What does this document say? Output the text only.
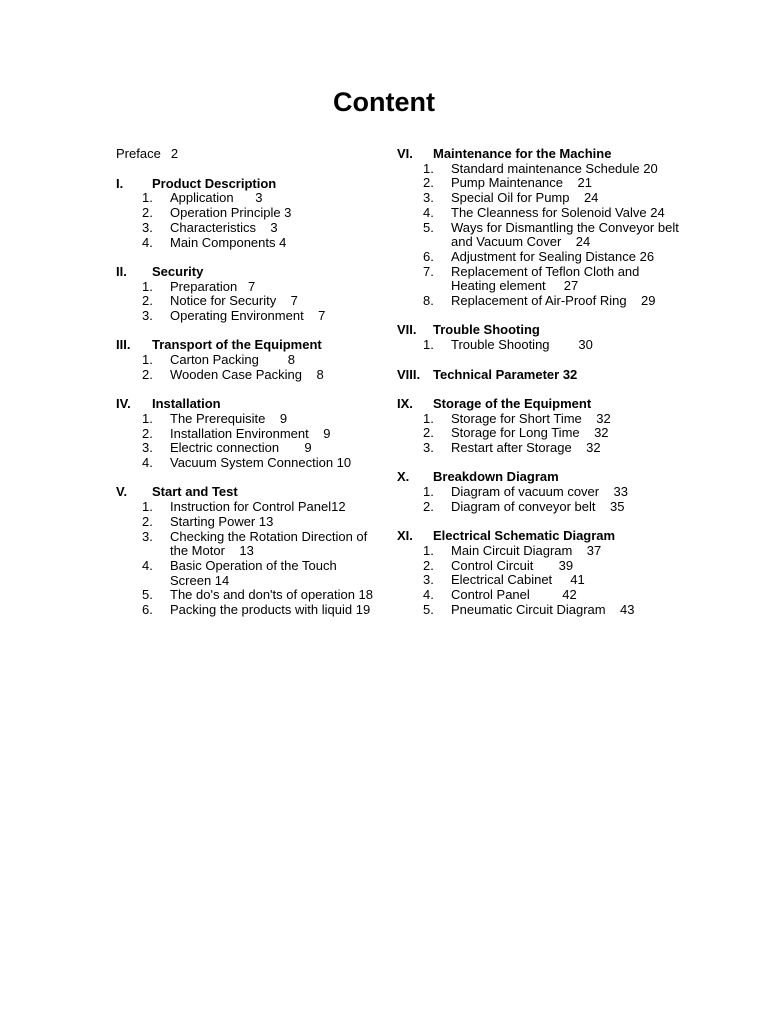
Content
Preface 2
I.	Product Description
1.	Application      3
2.	Operation Principle 3
3.	Characteristics    3
4.	Main Components 4
II.	Security
1.	Preparation   7
2.	Notice for Security    7
3.	Operating Environment    7
III.	Transport of the Equipment
1.	Carton Packing        8
2.	Wooden Case Packing    8
IV.	Installation
1.	The Prerequisite    9
2.	Installation Environment    9
3.	Electric connection       9
4.	Vacuum System Connection 10
V.	Start and Test
1.	Instruction for Control Panel12
2.	Starting Power 13
3.	Checking the Rotation Direction of the Motor    13
4.	Basic Operation of the Touch Screen 14
5.	The do's and don'ts of operation 18
6.	Packing the products with liquid 19
VI.	Maintenance for the Machine
1.	Standard maintenance Schedule 20
2.	Pump Maintenance    21
3.	Special Oil for Pump    24
4.	The Cleanness for Solenoid Valve 24
5.	Ways for Dismantling the Conveyor belt and Vacuum Cover    24
6.	Adjustment for Sealing Distance 26
7.	Replacement of Teflon Cloth and Heating element     27
8.	Replacement of Air-Proof Ring    29
VII.	Trouble Shooting
1.	Trouble Shooting        30
VIII. Technical Parameter 32
IX.	Storage of the Equipment
1.	Storage for Short Time    32
2.	Storage for Long Time    32
3.	Restart after Storage    32
X.	Breakdown Diagram
1.	Diagram of vacuum cover    33
2.	Diagram of conveyor belt    35
XI.	Electrical Schematic Diagram
1.	Main Circuit Diagram    37
2.	Control Circuit       39
3.	Electrical Cabinet     41
4.	Control Panel         42
5.	Pneumatic Circuit Diagram    43
